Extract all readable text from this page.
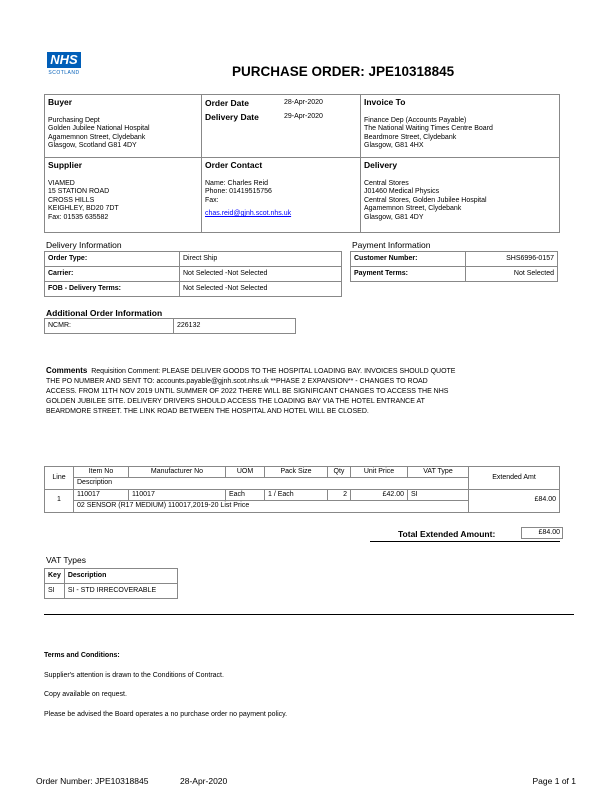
NHS
SCOTLAND	PURCHASE ORDER: JPE10318845
Buyer
Purchasing Dept
Golden Jubilee National Hospital
Agamemnon Street, Clydebank
Glasgow, Scotland G81 4DY
Order Date	28-Apr-2020
Delivery Date	29-Apr-2020
Invoice To
Finance Dep (Accounts Payable)
The National Waiting Times Centre Board
Beardmore Street, Clydebank
Glasgow, G81 4HX
Supplier
VIAMED
15 STATION ROAD
CROSS HILLS
KEIGHLEY, BD20 7DT
Fax: 01535 635582
Order Contact
Name: Charles Reid
Phone: 01419515756
Fax:
chas.reid@gjnh.scot.nhs.uk
Delivery
Central Stores
J01460 Medical Physics
Central Stores, Golden Jubilee Hospital
Agamemnon Street, Clydebank
Glasgow, G81 4DY
Delivery Information
Order Type:	Direct Ship
Carrier:	Not Selected -Not Selected
FOB - Delivery Terms:	Not Selected -Not Selected
Payment Information
Customer Number:	SHS6996-0157
Payment Terms:	Not Selected
Additional Order Information
NCMR:	226132
Comments Requisition Comment: PLEASE DELIVER GOODS TO THE HOSPITAL LOADING BAY. INVOICES SHOULD QUOTE
THE PO NUMBER AND SENT TO: accounts.payable@gjnh.scot.nhs.uk **PHASE 2 EXPANSION** - CHANGES TO ROAD
ACCESS. FROM 11TH NOV 2019 UNTIL SUMMER OF 2022 THERE WILL BE SIGNIFICANT CHANGES TO ACCESS THE NHS
GOLDEN JUBILEE SITE. DELIVERY DRIVERS SHOULD ACCESS THE LOADING BAY VIA THE HOTEL ENTRANCE AT
BEARDMORE STREET. THE LINK ROAD BETWEEN THE HOSPITAL AND HOTEL WILL BE CLOSED.
Line	Item No	Manufacturer No	UOM	Pack Size	Qty	Unit Price	VAT Type	Extended Amt
	Description							
1	110017	110017	Each	1 / Each	2	£42.00	SI	£84.00
	02 SENSOR (R17 MEDIUM) 110017,2019-20 List Price							
Total Extended Amount:	£84.00
VAT Types
Key	Description
SI	SI - STD IRRECOVERABLE
Terms and Conditions:
Supplier's attention is drawn to the Conditions of Contract.
Copy available on request.
Please be advised the Board operates a no purchase order no payment policy.
Order Number: JPE10318845	28-Apr-2020	Page 1 of 1
